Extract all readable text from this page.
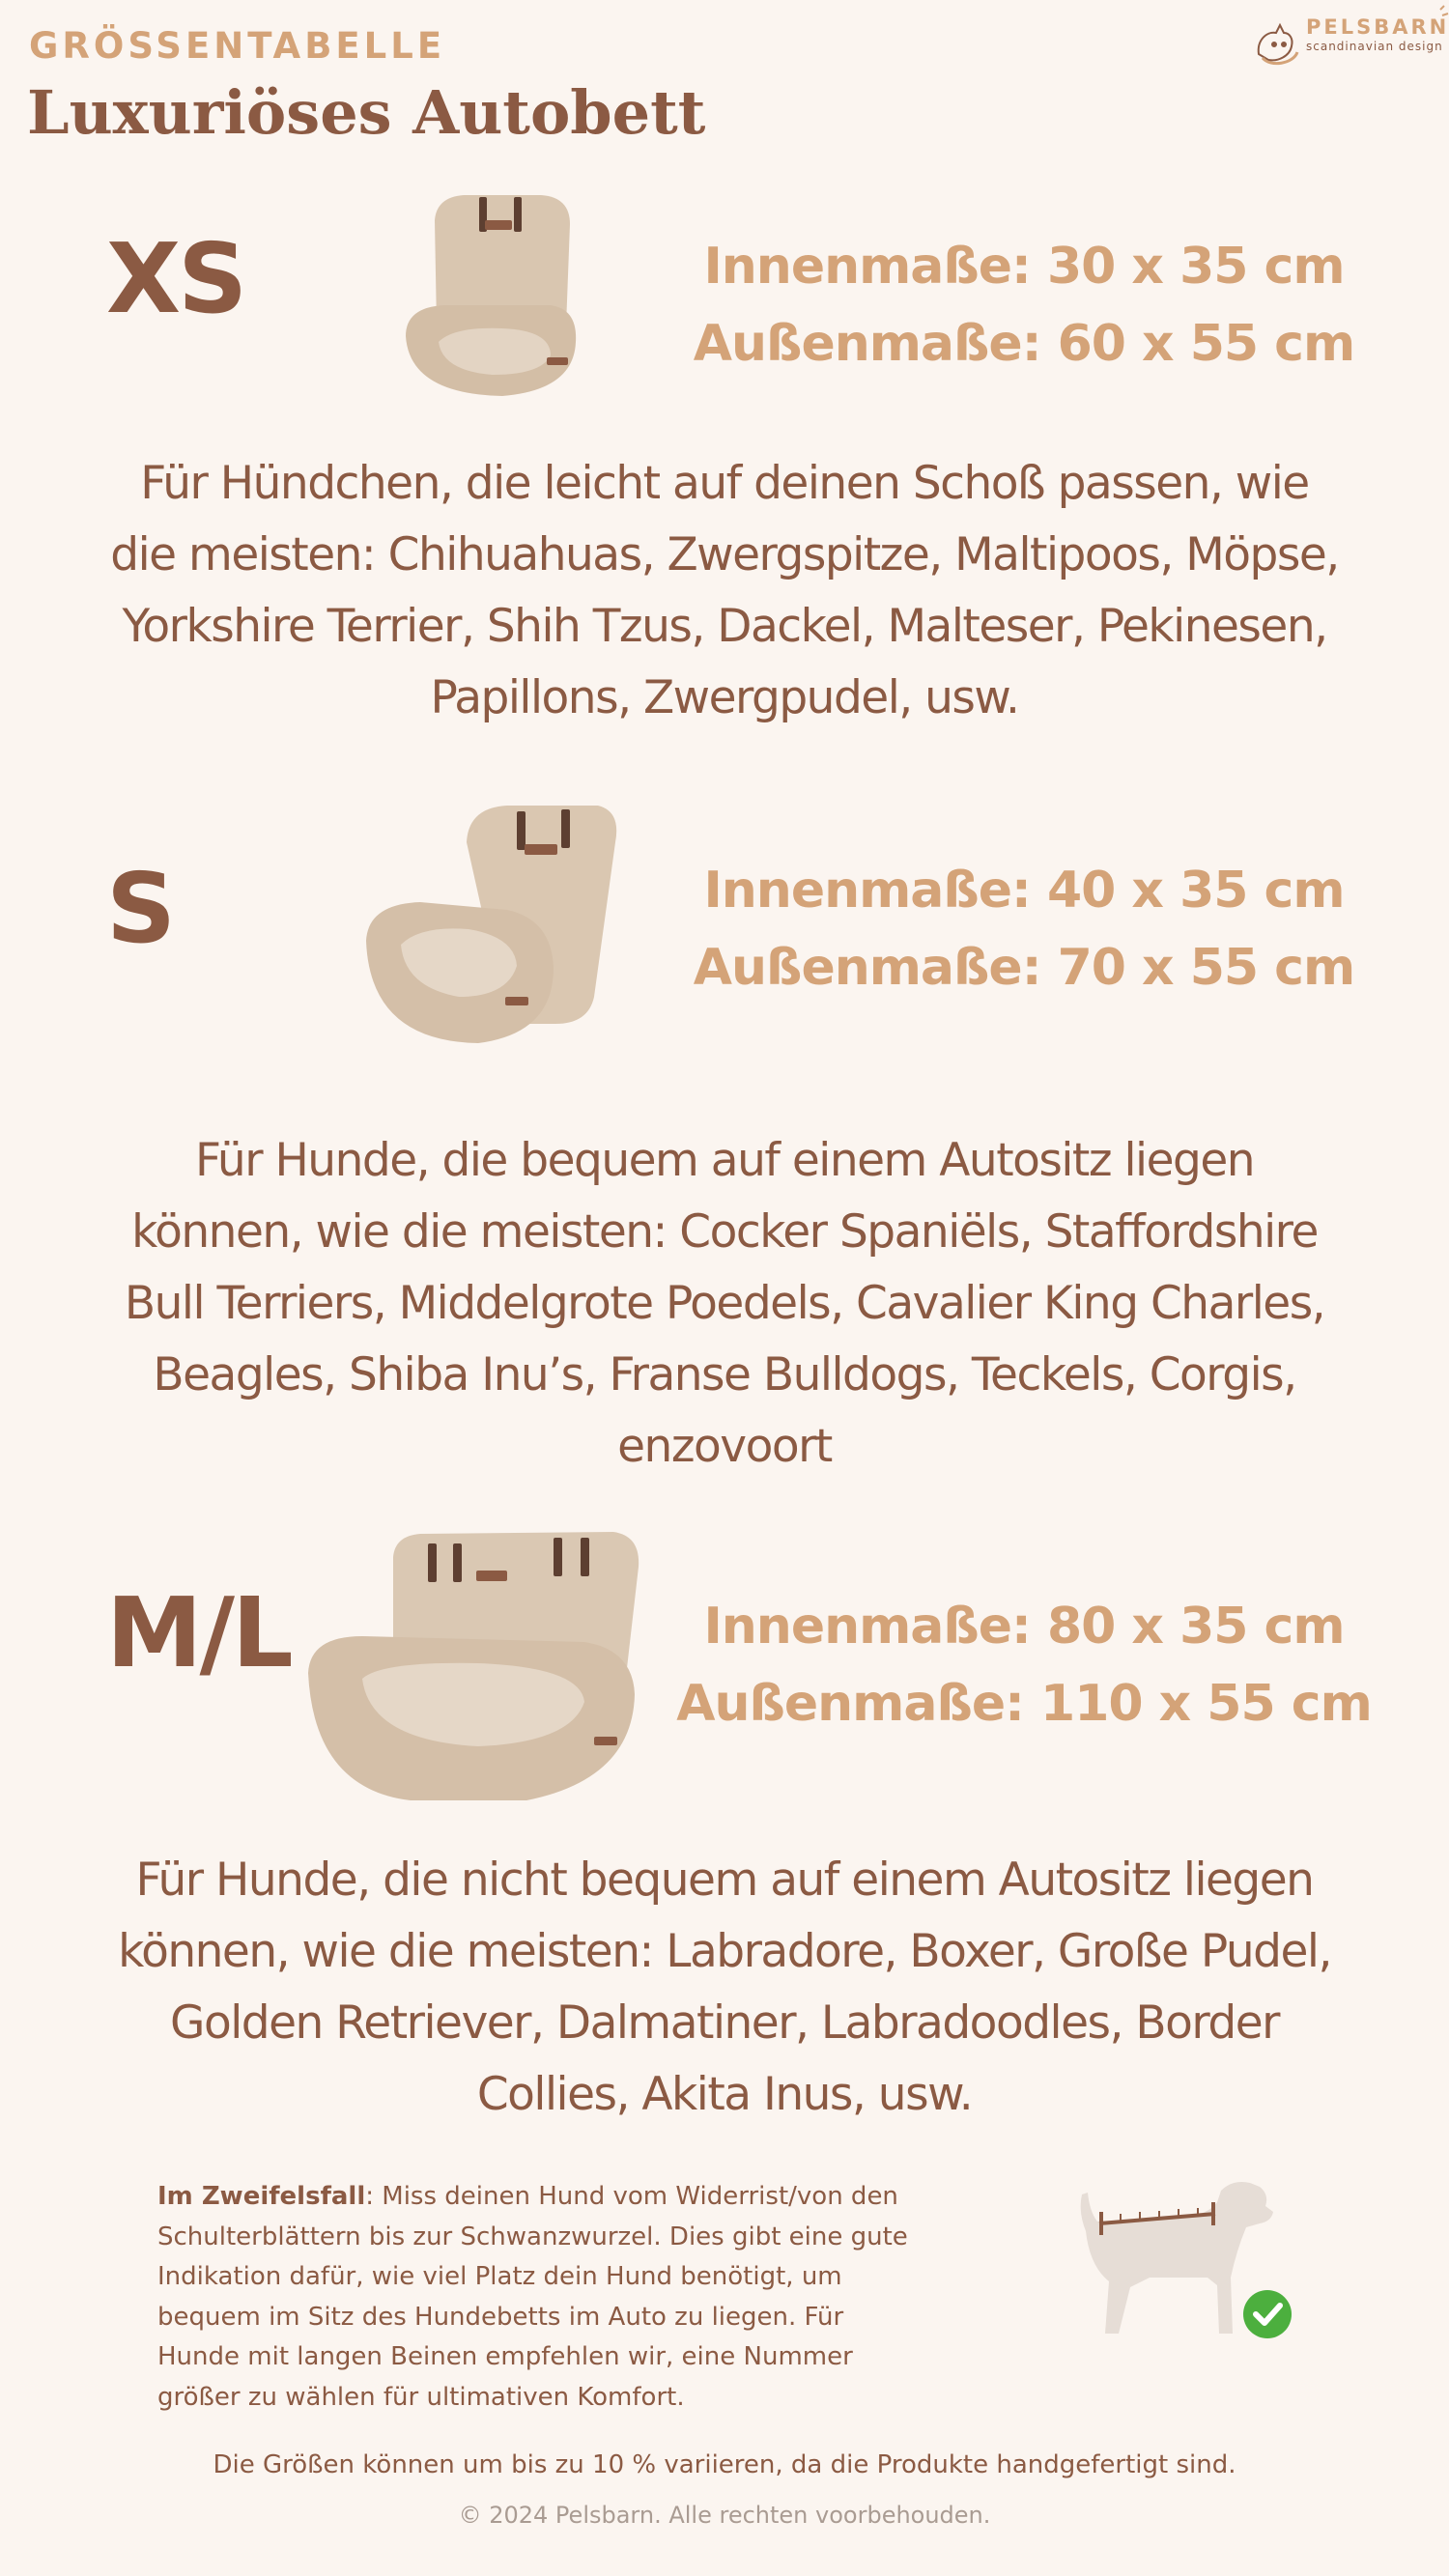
GRÖSSENTABELLE
Luxuriöses Autobett
PELSBARN
scandinavian design
XS	Innenmaße: 30 x 35 cm
Außenmaße: 60 x 55 cm
Für Hündchen, die leicht auf deinen Schoß passen, wie
die meisten: Chihuahuas, Zwergspitze, Maltipoos, Möpse,
Yorkshire Terrier, Shih Tzus, Dackel, Malteser, Pekinesen,
Papillons, Zwergpudel, usw.
S	Innenmaße: 40 x 35 cm
Außenmaße: 70 x 55 cm
Für Hunde, die bequem auf einem Autositz liegen
können, wie die meisten: Cocker Spaniëls, Staffordshire
Bull Terriers, Middelgrote Poedels, Cavalier King Charles,
Beagles, Shiba Inu’s, Franse Bulldogs, Teckels, Corgis,
enzovoort
M/L	Innenmaße: 80 x 35 cm
Außenmaße: 110 x 55 cm
Für Hunde, die nicht bequem auf einem Autositz liegen
können, wie die meisten: Labradore, Boxer, Große Pudel,
Golden Retriever, Dalmatiner, Labradoodles, Border
Collies, Akita Inus, usw.
Im Zweifelsfall: Miss deinen Hund vom Widerrist/von den
Schulterblättern bis zur Schwanzwurzel. Dies gibt eine gute
Indikation dafür, wie viel Platz dein Hund benötigt, um
bequem im Sitz des Hundebetts im Auto zu liegen. Für
Hunde mit langen Beinen empfehlen wir, eine Nummer
größer zu wählen für ultimativen Komfort.
Die Größen können um bis zu 10 % variieren, da die Produkte handgefertigt sind.
© 2024 Pelsbarn. Alle rechten voorbehouden.
